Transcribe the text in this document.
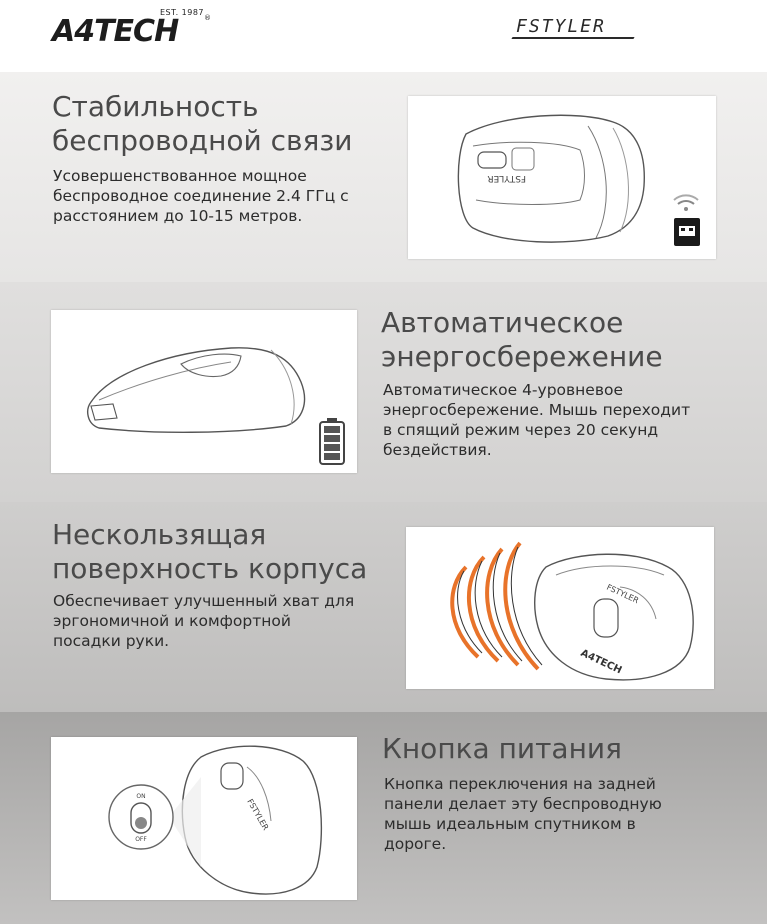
A4TECH
EST. 1987
®	FSTYLER
Стабильность
беспроводной связи
Усовершенствованное мощное
беспроводное соединение 2.4 ГГц с
расстоянием до 10-15 метров.
FSTYLER
Автоматическое
энергосбережение
Автоматическое 4-уровневое
энергосбережение. Мышь переходит
в спящий режим через 20 секунд
бездействия.
Нескользящая
поверхность корпуса
Обеспечивает улучшенный хват для
эргономичной и комфортной
посадки руки.
FSTYLER
A4TECH
FSTYLER
ON
OFF
Кнопка питания
Кнопка переключения на задней
панели делает эту беспроводную
мышь идеальным спутником в
дороге.
